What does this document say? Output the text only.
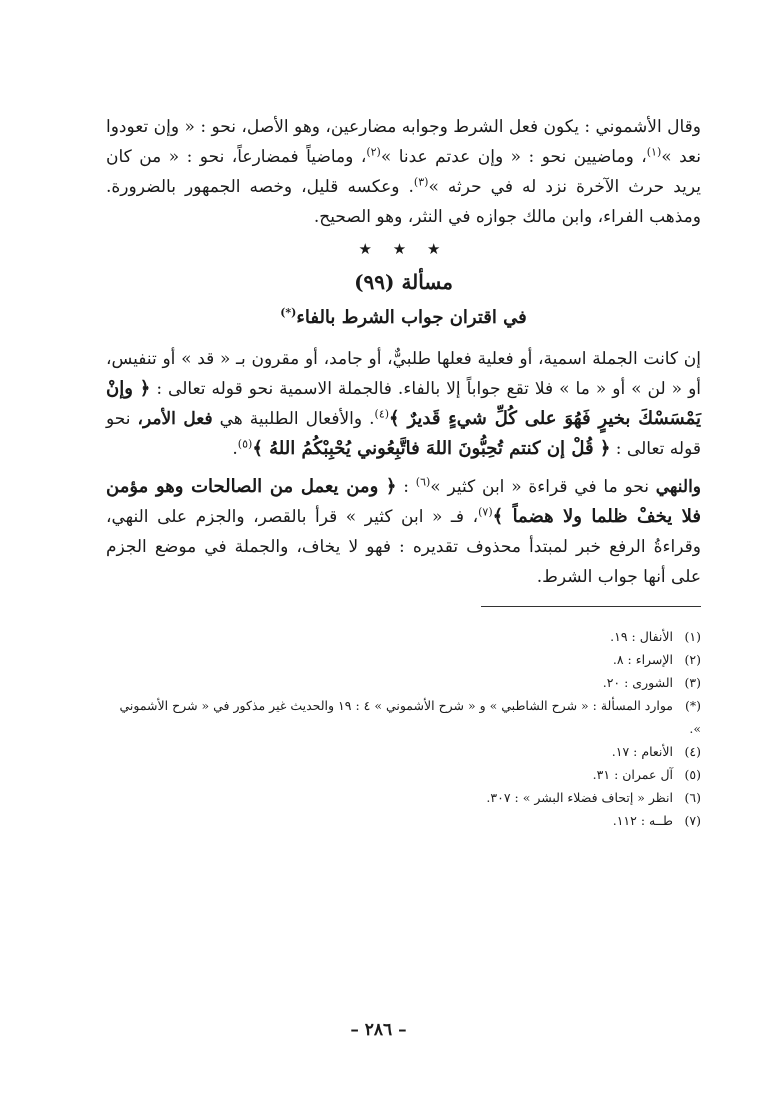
وقال الأشموني : يكون فعل الشرط وجوابه مضارعين، وهو الأصل، نحو : « وإن تعودوا نعد »$^{(١)}$، وماضيين نحو : « وإن عدتم عدنا »$^{(٢)}$، وماضياً فمضارعاً، نحو : « من كان يريد حرث الآخرة نزد له في حرثه »$^{(٣)}$. وعكسه قليل، وخصه الجمهور بالضرورة. ومذهب الفراء، وابن مالك جوازه في النثر، وهو الصحيح.

★ ★ ★
مسألة (٩٩)
في اقتران جواب الشرط بالفاء(*)

إن كانت الجملة اسمية، أو فعلية فعلها طلبيٌّ، أو جامد، أو مقرون بـ « قد » أو تنفيس، أو « لن » أو « ما » فلا تقع جواباً إلا بالفاء. فالجملة الاسمية نحو قوله تعالى : ﴿ وإنْ يَمْسَسْكَ بخيرٍ فَهُوَ على كُلِّ شيءٍ قَديرٌ ﴾$^{(٤)}$. والأفعال الطلبية هي فعل الأمر، نحو قوله تعالى : ﴿ قُلْ إن كنتم تُحِبُّونَ اللهَ فاتَّبِعُوني يُحْبِبْكُمُ اللهُ ﴾$^{(٥)}$.

والنهي نحو ما في قراءة « ابن كثير »$^{(٦)}$ : ﴿ ومن يعمل من الصالحات وهو مؤمن فلا يخفْ ظلما ولا هضماً ﴾$^{(٧)}$، فـ « ابن كثير » قرأ بالقصر، والجزم على النهي، وقراءةُ الرفع خبر لمبتدأ محذوف تقديره : فهو لا يخاف، والجملة في موضع الجزم على أنها جواب الشرط.

(١) الأنفال : ١٩.
(٢) الإسراء : ٨.
(٣) الشورى : ٢٠.
(*) موارد المسألة : « شرح الشاطبي » و « شرح الأشموني » ٤ : ١٩ والحديث غير مذكور في « شرح الأشموني ».
(٤) الأنعام : ١٧.
(٥) آل عمران : ٣١.
(٦) انظر « إتحاف فضلاء البشر » : ٣٠٧.
(٧) طــه : ١١٢.
– ٢٨٦ –
